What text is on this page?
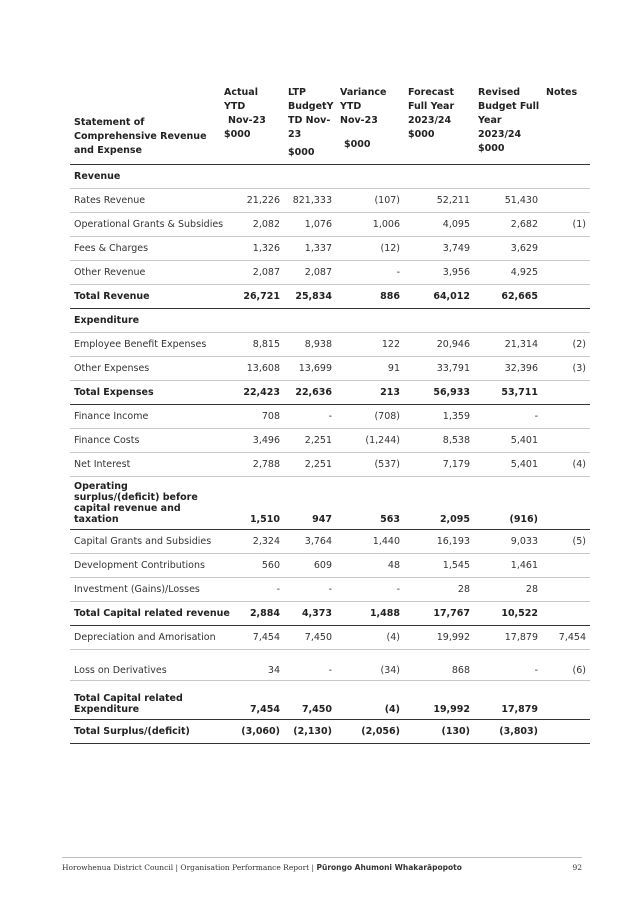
Statement of Comprehensive Revenue and Expense	Actual YTD
Nov-23
$000	LTP
BudgetY
TD Nov-
23
$000	Variance
YTD
Nov-23
$000	Forecast
Full Year
2023/24
$000	Revised
Budget Full
Year
2023/24
$000	Notes

Revenue						
Rates Revenue	21,226	821,333	(107)	52,211	51,430	
Operational Grants & Subsidies	2,082	1,076	1,006	4,095	2,682	(1)
Fees & Charges	1,326	1,337	(12)	3,749	3,629	
Other Revenue	2,087	2,087	-	3,956	4,925	
Total Revenue	26,721	25,834	886	64,012	62,665	
Expenditure						
Employee Benefit Expenses	8,815	8,938	122	20,946	21,314	(2)
Other Expenses	13,608	13,699	91	33,791	32,396	(3)
Total Expenses	22,423	22,636	213	56,933	53,711	
Finance Income	708	-	(708)	1,359	-	
Finance Costs	3,496	2,251	(1,244)	8,538	5,401	
Net Interest	2,788	2,251	(537)	7,179	5,401	(4)
Operating surplus/(deficit) before capital revenue and taxation	1,510	947	563	2,095	(916)	
Capital Grants and Subsidies	2,324	3,764	1,440	16,193	9,033	(5)
Development Contributions	560	609	48	1,545	1,461	
Investment (Gains)/Losses	-	-	-	28	28	
Total Capital related revenue	2,884	4,373	1,488	17,767	10,522	
Depreciation and Amorisation	7,454	7,450	(4)	19,992	17,879	7,454
Loss on Derivatives	34	-	(34)	868	-	(6)
Total Capital related Expenditure	7,454	7,450	(4)	19,992	17,879	
Total Surplus/(deficit)	(3,060)	(2,130)	(2,056)	(130)	(3,803)	
Horowhenua District Council | Organisation Performance Report | Pūrongo Ahumoni Whakarāpopoto	92
